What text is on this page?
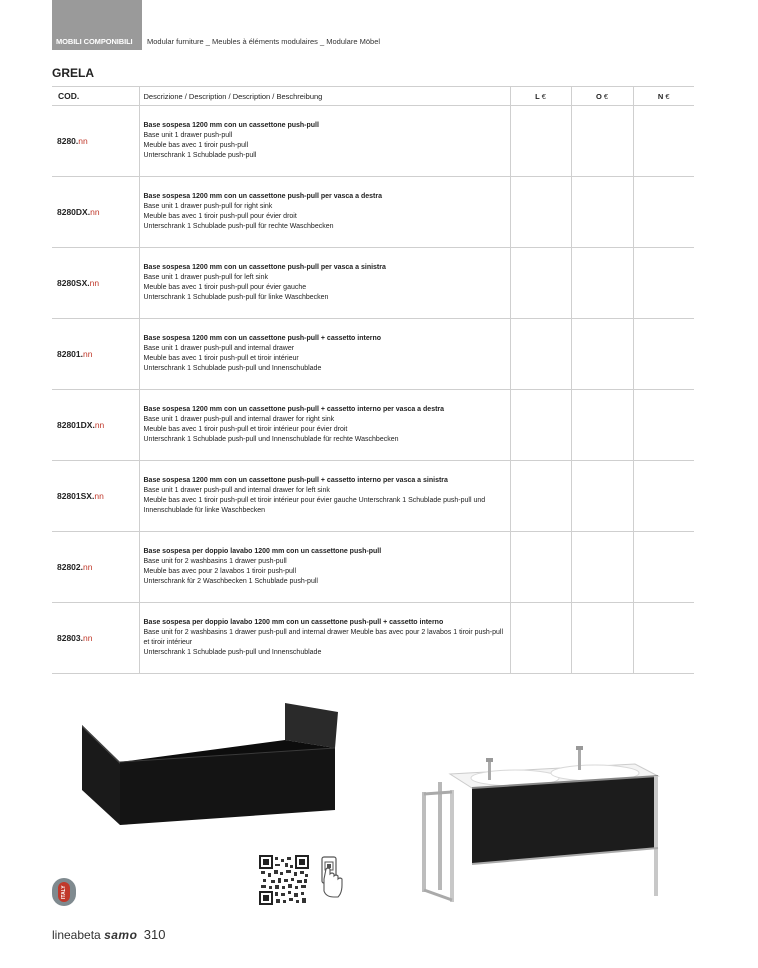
MOBILI COMPONIBILI Modular furniture _ Meubles à éléments modulaires _ Modulare Möbel
GRELA
COD.	Descrizione / Description / Description / Beschreibung	L €	O €	N €
8280.nn	Base sospesa 1200 mm con un cassettone push-pull
Base unit 1 drawer push-pull
Meuble bas avec 1 tiroir push-pull
Unterschrank 1 Schublade push-pull			

8280DX.nn	Base sospesa 1200 mm con un cassettone push-pull per vasca a destra
Base unit 1 drawer push-pull for right sink
Meuble bas avec 1 tiroir push-pull pour évier droit
Unterschrank 1 Schublade push-pull für rechte Waschbecken			

8280SX.nn	Base sospesa 1200 mm con un cassettone push-pull per vasca a sinistra
Base unit 1 drawer push-pull for left sink
Meuble bas avec 1 tiroir push-pull pour évier gauche
Unterschrank 1 Schublade push-pull für linke Waschbecken			

82801.nn	Base sospesa 1200 mm con un cassettone push-pull + cassetto interno
Base unit 1 drawer push-pull and internal drawer
Meuble bas avec 1 tiroir push-pull et tiroir intérieur
Unterschrank 1 Schublade push-pull und Innenschublade			

82801DX.nn	Base sospesa 1200 mm con un cassettone push-pull + cassetto interno per vasca a destra
Base unit 1 drawer push-pull and internal drawer for right sink
Meuble bas avec 1 tiroir push-pull et tiroir intérieur pour évier droit
Unterschrank 1 Schublade push-pull und Innenschublade für rechte Waschbecken			

82801SX.nn	Base sospesa 1200 mm con un cassettone push-pull + cassetto interno per vasca a sinistra
Base unit 1 drawer push-pull and internal drawer for left sink
Meuble bas avec 1 tiroir push-pull et tiroir intérieur pour évier gauche Unterschrank 1 Schublade push-pull und Innenschublade für linke Waschbecken			

82802.nn	Base sospesa per doppio lavabo 1200 mm con un cassettone push-pull
Base unit for 2 washbasins 1 drawer push-pull
Meuble bas avec pour 2 lavabos 1 tiroir push-pull
Unterschrank für 2 Waschbecken 1 Schublade push-pull			

82803.nn	Base sospesa per doppio lavabo 1200 mm con un cassettone push-pull + cassetto interno
Base unit for 2 washbasins 1 drawer push-pull and internal drawer Meuble bas avec pour 2 lavabos 1 tiroir push-pull et tiroir intérieur
Unterschrank 1 Schublade push-pull und Innenschublade			

ITALY
lineabeta samo 310
